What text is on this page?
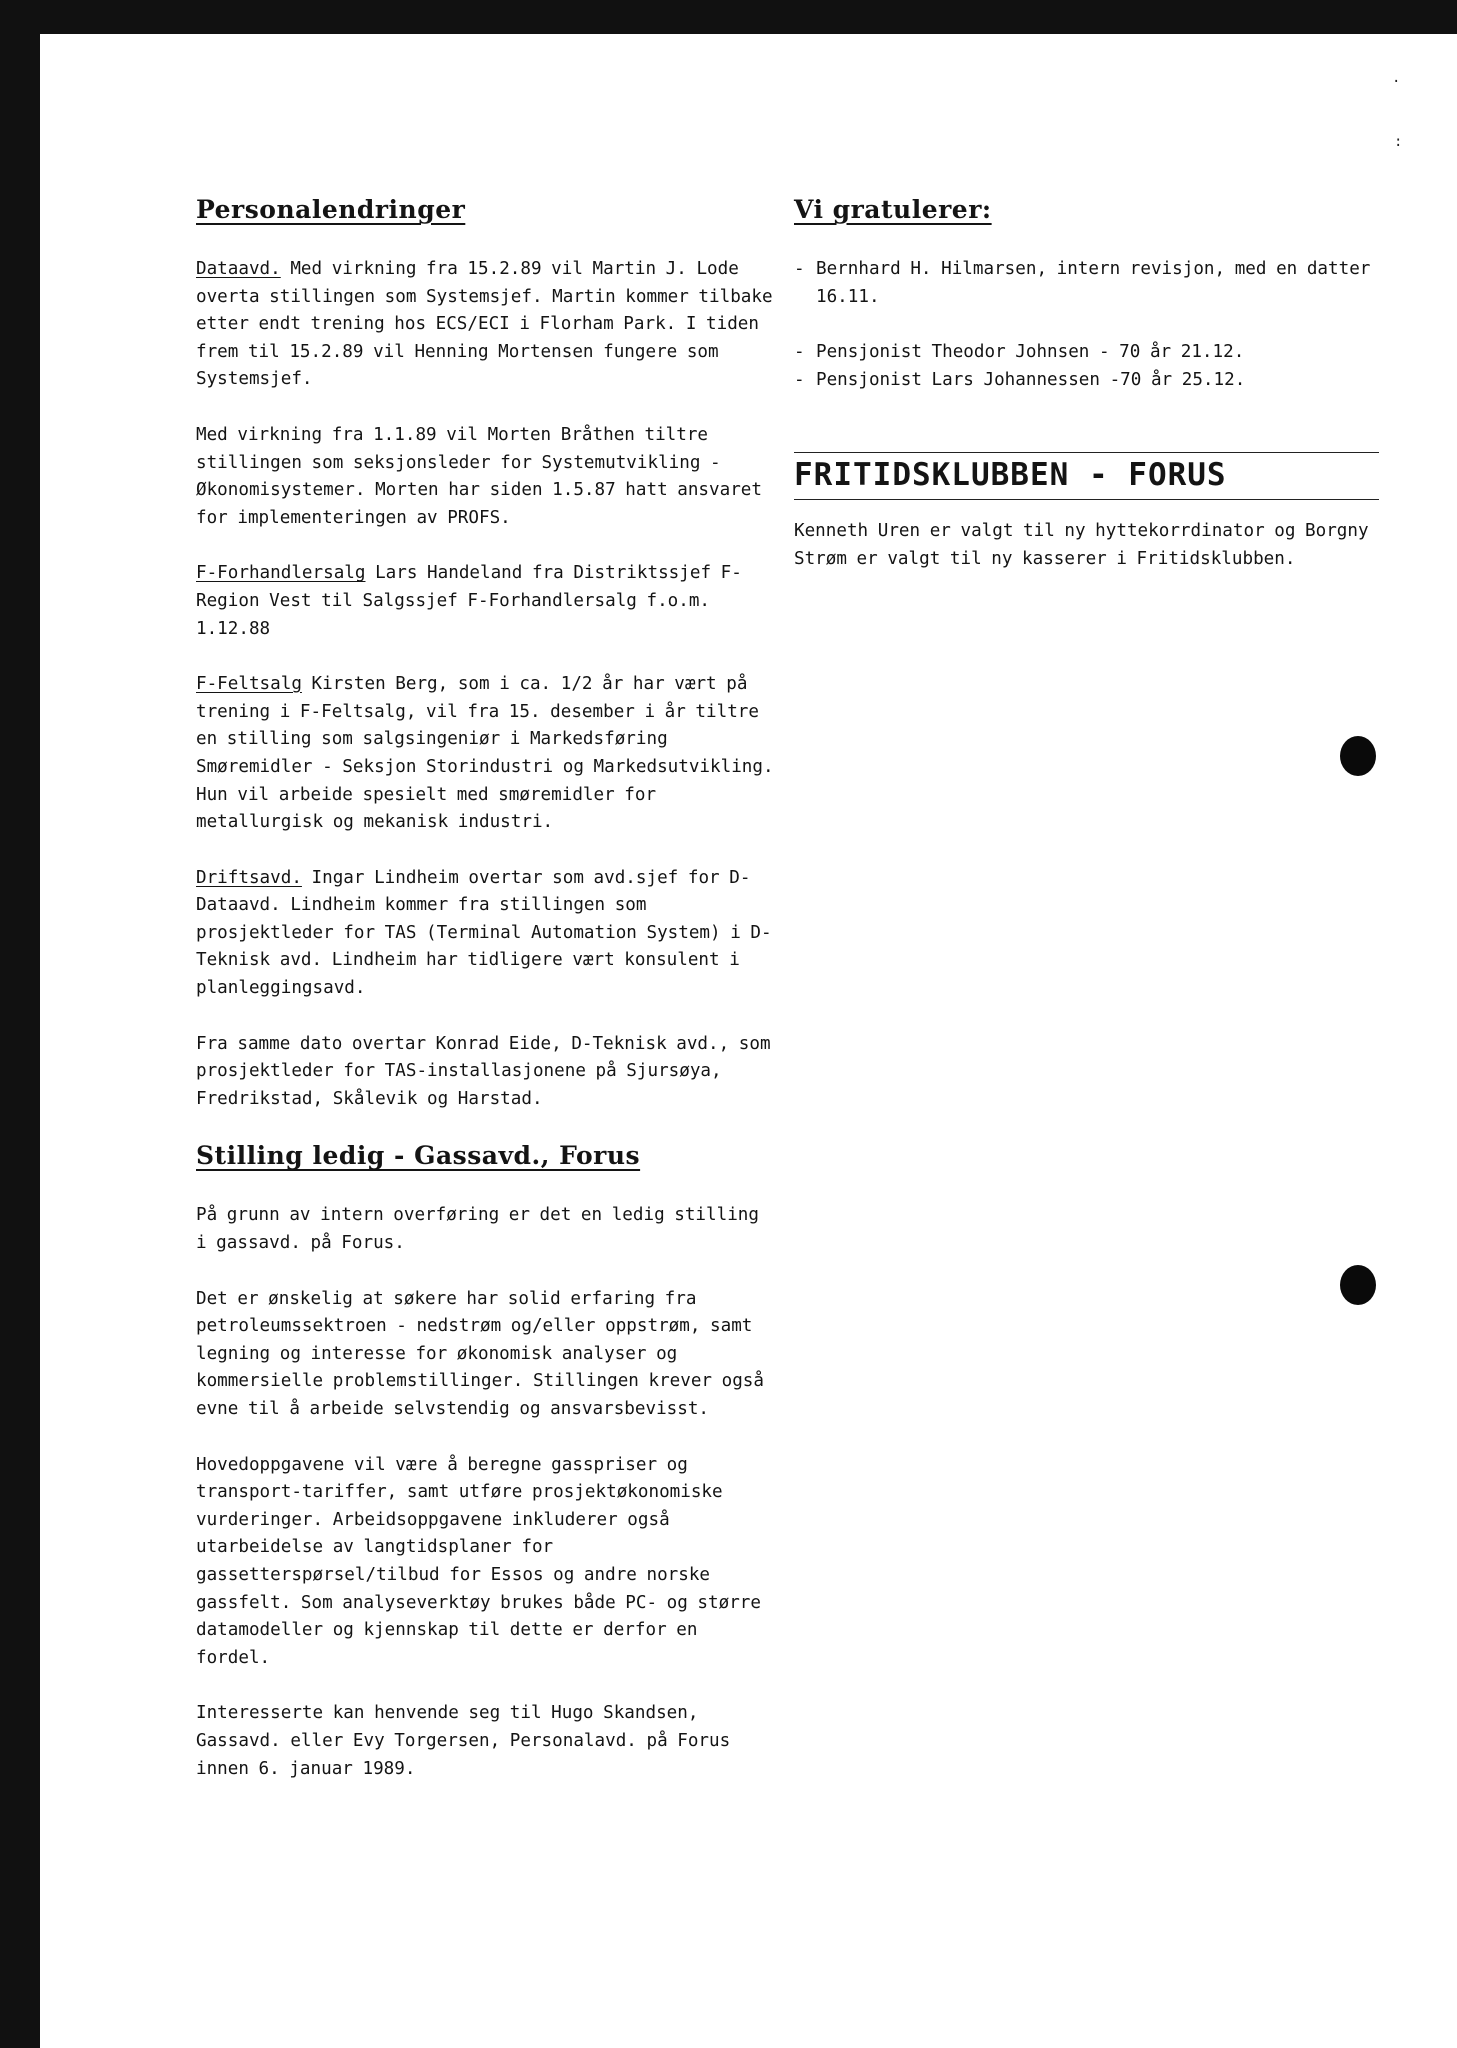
Personalendringer

Dataavd. Med virkning fra 15.2.89 vil Martin J. Lode overta stillingen som Systemsjef. Martin kommer tilbake etter endt trening hos ECS/ECI i Florham Park. I tiden frem til 15.2.89 vil Henning Mortensen fungere som Systemsjef.

Med virkning fra 1.1.89 vil Morten Bråthen tiltre stillingen som seksjonsleder for Systemutvikling - Økonomisystemer. Morten har siden 1.5.87 hatt ansvaret for implementeringen av PROFS.

F-Forhandlersalg Lars Handeland fra Distriktssjef F-Region Vest til Salgssjef F-Forhandlersalg f.o.m. 1.12.88

F-Feltsalg Kirsten Berg, som i ca. 1/2 år har vært på trening i F-Feltsalg, vil fra 15. desember i år tiltre en stilling som salgsingeniør i Markedsføring Smøremidler - Seksjon Storindustri og Markedsutvikling. Hun vil arbeide spesielt med smøremidler for metallurgisk og mekanisk industri.

Driftsavd. Ingar Lindheim overtar som avd.sjef for D-Dataavd. Lindheim kommer fra stillingen som prosjektleder for TAS (Terminal Automation System) i D-Teknisk avd. Lindheim har tidligere vært konsulent i planleggingsavd.

Fra samme dato overtar Konrad Eide, D-Teknisk avd., som prosjektleder for TAS-installasjonene på Sjursøya, Fredrikstad, Skålevik og Harstad.

Stilling ledig - Gassavd., Forus

På grunn av intern overføring er det en ledig stilling i gassavd. på Forus.

Det er ønskelig at søkere har solid erfaring fra petroleumssektroen - nedstrøm og/eller oppstrøm, samt legning og interesse for økonomisk analyser og kommersielle problemstillinger. Stillingen krever også evne til å arbeide selvstendig og ansvarsbevisst.

Hovedoppgavene vil være å beregne gasspriser og transport-tariffer, samt utføre prosjektøkonomiske vurderinger. Arbeidsoppgavene inkluderer også utarbeidelse av langtidsplaner for gassetterspørsel/tilbud for Essos og andre norske gassfelt. Som analyseverktøy brukes både PC- og større datamodeller og kjennskap til dette er derfor en fordel.

Interesserte kan henvende seg til Hugo Skandsen, Gassavd. eller Evy Torgersen, Personalavd. på Forus innen 6. januar 1989.

Vi gratulerer:
- Bernhard H. Hilmarsen, intern revisjon, med en datter 16.11.
- Pensjonist Theodor Johnsen - 70 år 21.12.
- Pensjonist Lars Johannessen -70 år 25.12.
FRITIDSKLUBBEN - FORUS

Kenneth Uren er valgt til ny hyttekorrdinator og Borgny Strøm er valgt til ny kasserer i Fritidsklubben.

·
:
